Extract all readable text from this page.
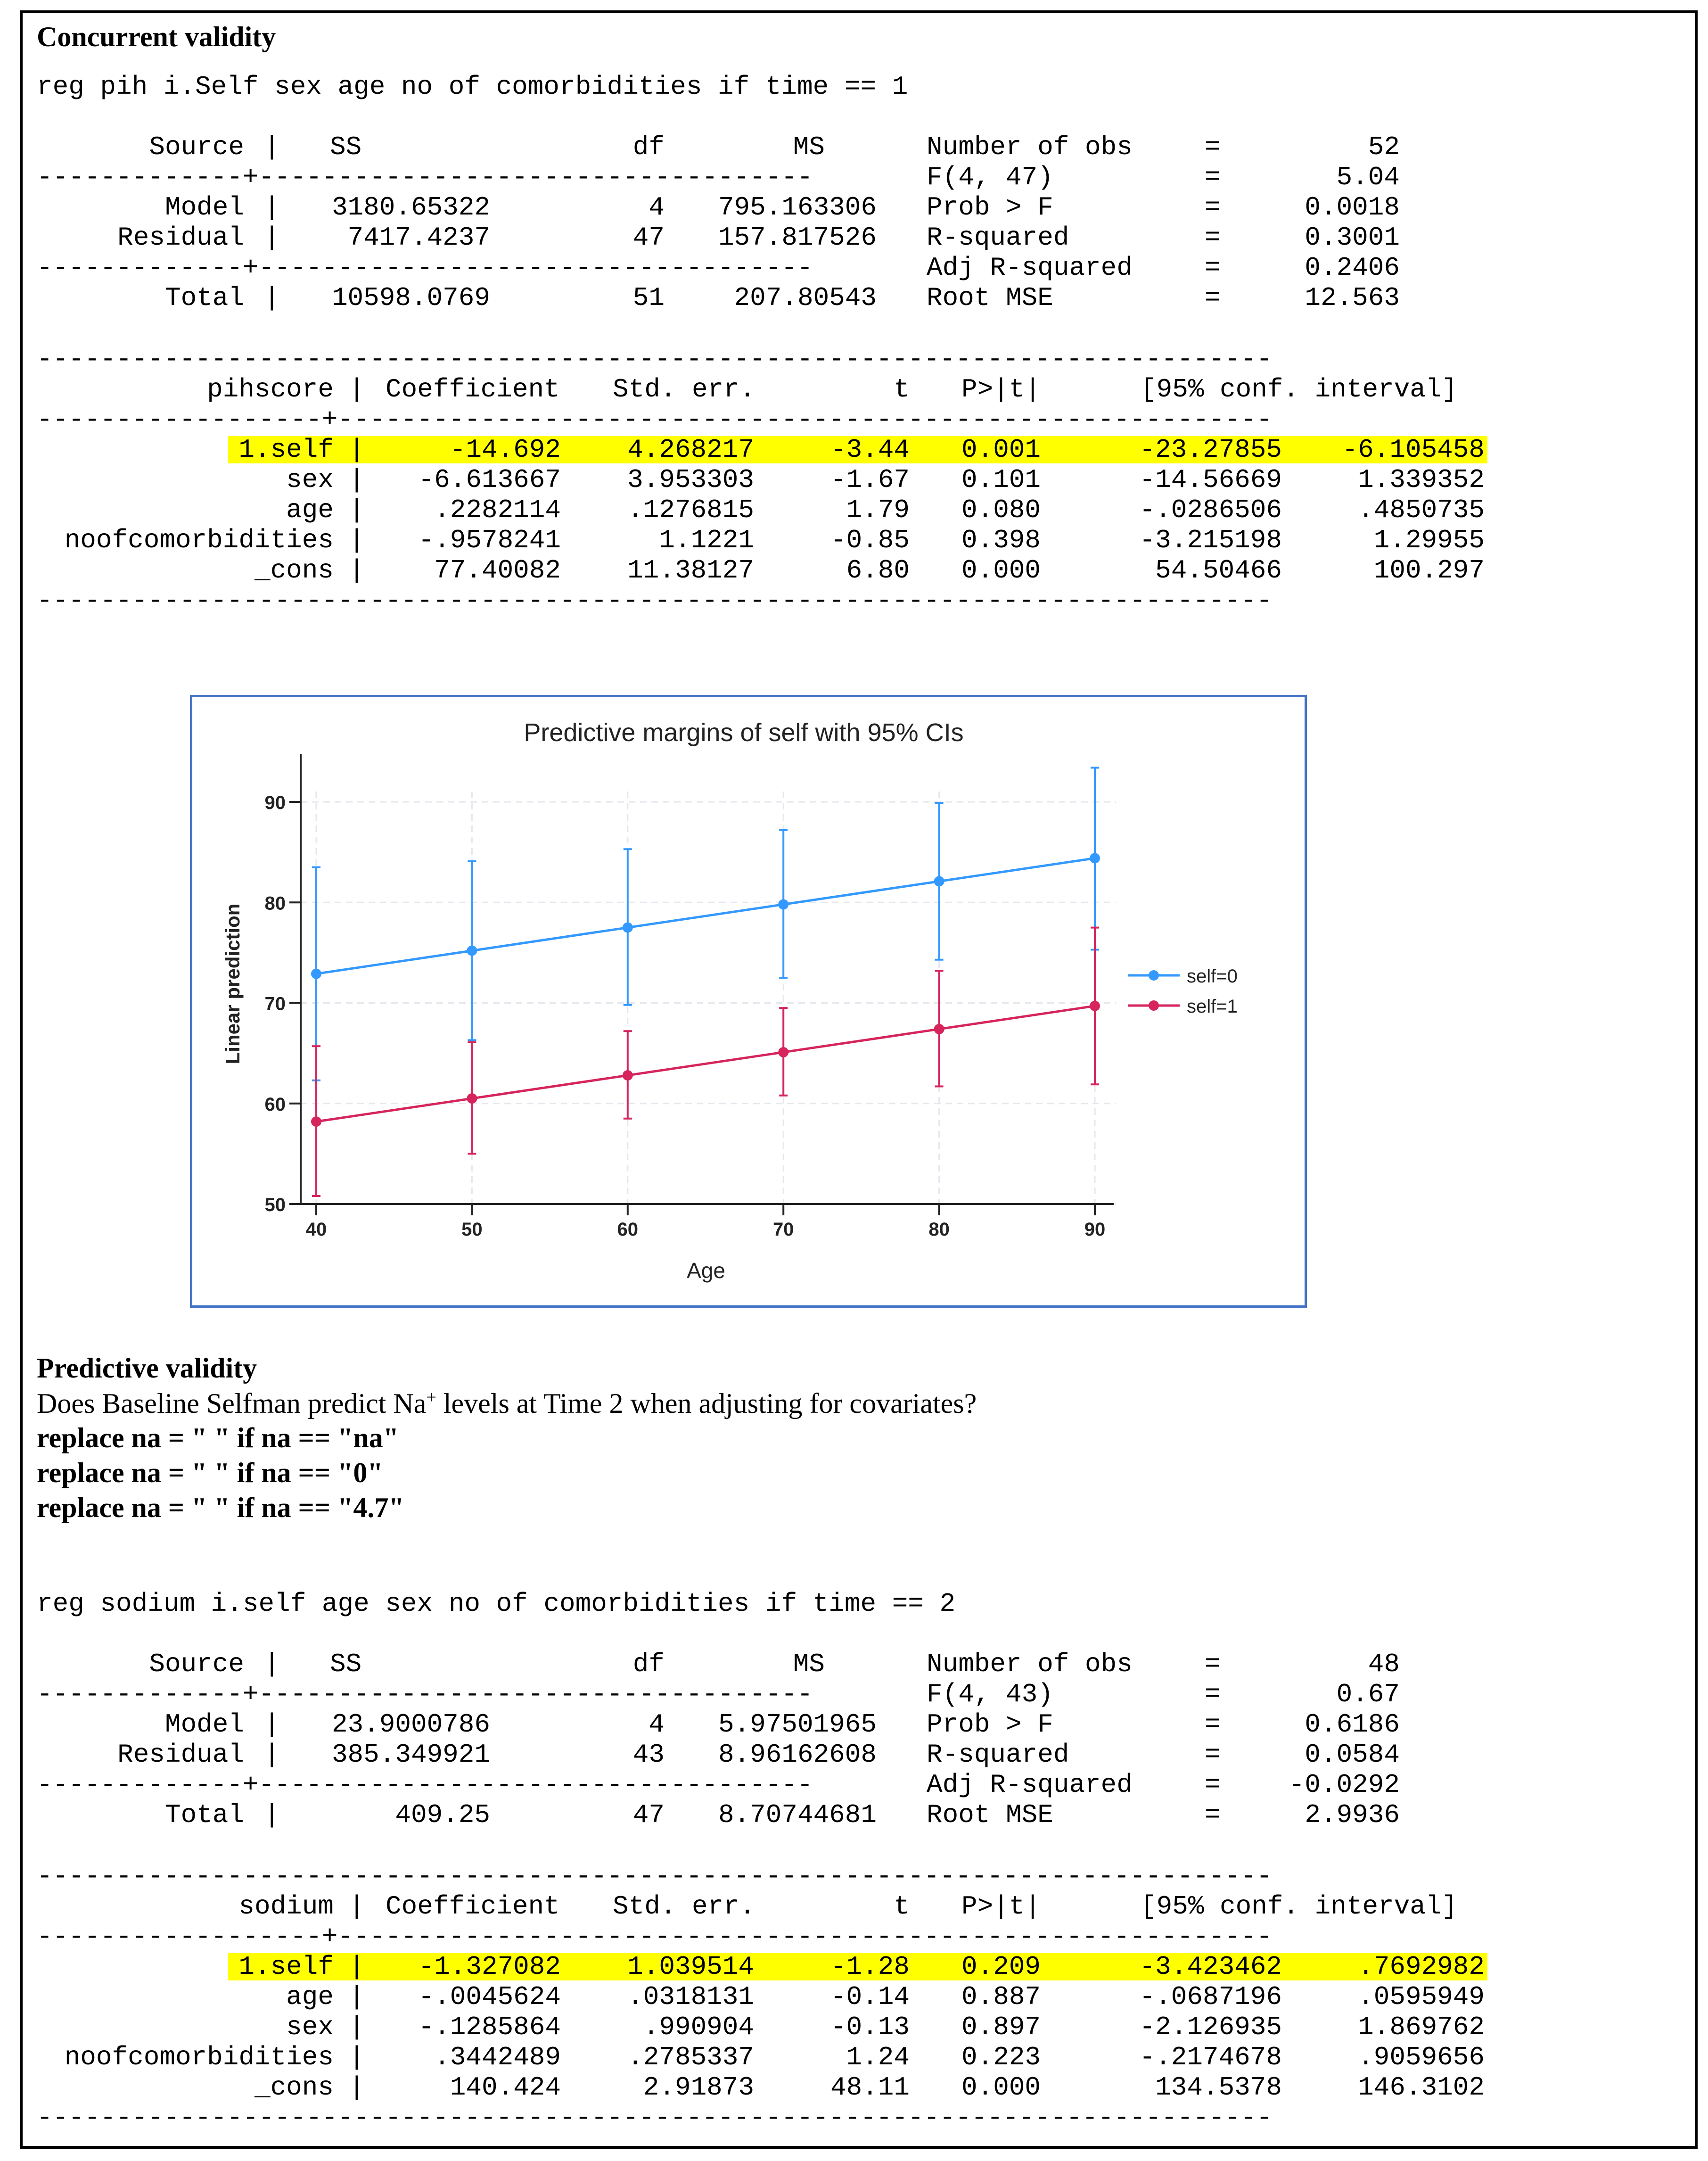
Concurrent validity
reg pih i.Self sex age no of comorbidities if time == 1
Source | SS	df	MS
-------------+-----------------------------------
-------------+-----------------------------------
Model |	3180.65322	4	795.163306
Residual |	7417.4237	47	157.817526
Total |	10598.0769	51	207.80543
Number of obs	=	52
F(4, 47)	=	5.04
Prob > F	=	0.0018
R-squared	=	0.3001
Adj R-squared	=	0.2406
Root MSE	=	12.563
------------------------------------------------------------------------------
pihscore | Coefficient	Std. err.	t P>|t|	[95% conf. interval]
------------------+-----------------------------------------------------------
1.self |	-14.692	4.268217	-3.44 0.001	-23.27855	-6.105458
sex |	-6.613667	3.953303	-1.67 0.101	-14.56669	1.339352
age |	.2282114	.1276815	1.79 0.080	-.0286506	.4850735
noofcomorbidities |	-.9578241	1.1221	-0.85 0.398	-3.215198	1.29955
_cons |	77.40082	11.38127	6.80 0.000	54.50466	100.297
------------------------------------------------------------------------------
Predictive margins of self with 95% CIs
Linear prediction
Age
50
60
70
80
90
40	50	60	70	80	90
self=0
self=1
Predictive validity
Does Baseline Selfman predict Na+ levels at Time 2 when adjusting for covariates?
replace na = " " if na == "na"
replace na = " " if na == "0"
replace na = " " if na == "4.7"
reg sodium i.self age sex no of comorbidities if time == 2
Source | SS	df	MS
-------------+-----------------------------------
-------------+-----------------------------------
Model |	23.9000786	4	5.97501965
Residual |	385.349921	43	8.96162608
Total |	409.25	47	8.70744681
Number of obs	=	48
F(4, 43)	=	0.67
Prob > F	=	0.6186
R-squared	=	0.0584
Adj R-squared	=	-0.0292
Root MSE	=	2.9936
------------------------------------------------------------------------------
sodium | Coefficient	Std. err.	t P>|t|	[95% conf. interval]
------------------+-----------------------------------------------------------
1.self |	-1.327082	1.039514	-1.28 0.209	-3.423462	.7692982
age |	-.0045624	.0318131	-0.14 0.887	-.0687196	.0595949
sex |	-.1285864	.990904	-0.13 0.897	-2.126935	1.869762
noofcomorbidities |	.3442489	.2785337	1.24 0.223	-.2174678	.9059656
_cons |	140.424	2.91873	48.11 0.000	134.5378	146.3102
------------------------------------------------------------------------------
